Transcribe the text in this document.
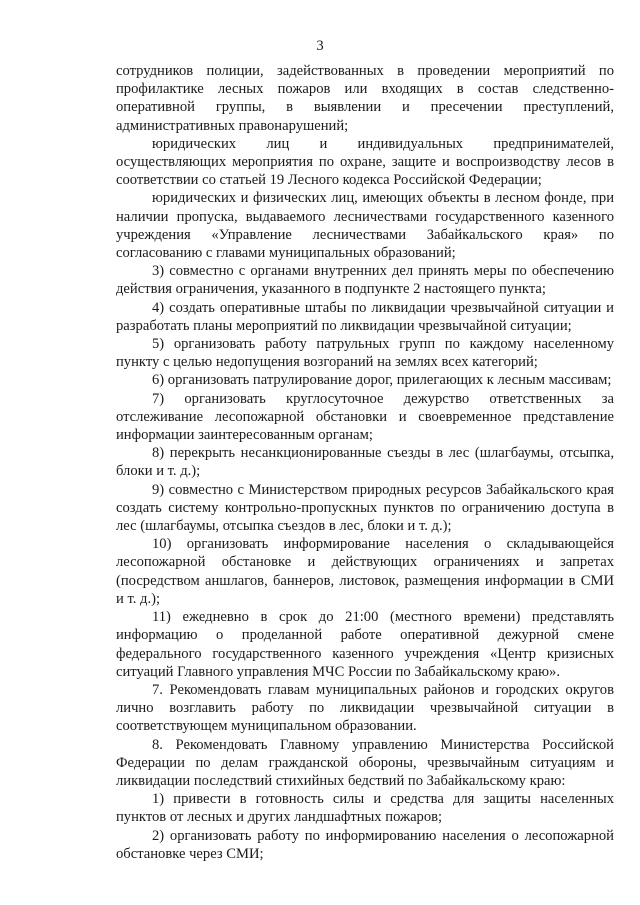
3

сотрудников полиции, задействованных в проведении мероприятий по профилактике лесных пожаров или входящих в состав следственно-оперативной группы, в выявлении и пресечении преступлений, административных правонарушений;

юридических лиц и индивидуальных предпринимателей, осуществляющих мероприятия по охране, защите и воспроизводству лесов в соответствии со статьей 19 Лесного кодекса Российской Федерации;

юридических и физических лиц, имеющих объекты в лесном фонде, при наличии пропуска, выдаваемого лесничествами государственного казенного учреждения «Управление лесничествами Забайкальского края» по согласованию с главами муниципальных образований;

3) совместно с органами внутренних дел принять меры по обеспечению действия ограничения, указанного в подпункте 2 настоящего пункта;

4) создать оперативные штабы по ликвидации чрезвычайной ситуации и разработать планы мероприятий по ликвидации чрезвычайной ситуации;

5) организовать работу патрульных групп по каждому населенному пункту с целью недопущения возгораний на землях всех категорий;

6) организовать патрулирование дорог, прилегающих к лесным массивам;

7) организовать круглосуточное дежурство ответственных за отслеживание лесопожарной обстановки и своевременное представление информации заинтересованным органам;

8) перекрыть несанкционированные съезды в лес (шлагбаумы, отсыпка, блоки и т. д.);

9) совместно с Министерством природных ресурсов Забайкальского края создать систему контрольно-пропускных пунктов по ограничению доступа в лес (шлагбаумы, отсыпка съездов в лес, блоки и т. д.);

10) организовать информирование населения о складывающейся лесопожарной обстановке и действующих ограничениях и запретах (посредством аншлагов, баннеров, листовок, размещения информации в СМИ и т. д.);

11) ежедневно в срок до 21:00 (местного времени) представлять информацию о проделанной работе оперативной дежурной смене федерального государственного казенного учреждения «Центр кризисных ситуаций Главного управления МЧС России по Забайкальскому краю».

7. Рекомендовать главам муниципальных районов и городских округов лично возглавить работу по ликвидации чрезвычайной ситуации в соответствующем муниципальном образовании.

8. Рекомендовать Главному управлению Министерства Российской Федерации по делам гражданской обороны, чрезвычайным ситуациям и ликвидации последствий стихийных бедствий по Забайкальскому краю:

1) привести в готовность силы и средства для защиты населенных пунктов от лесных и других ландшафтных пожаров;

2) организовать работу по информированию населения о лесопожарной обстановке через СМИ;
